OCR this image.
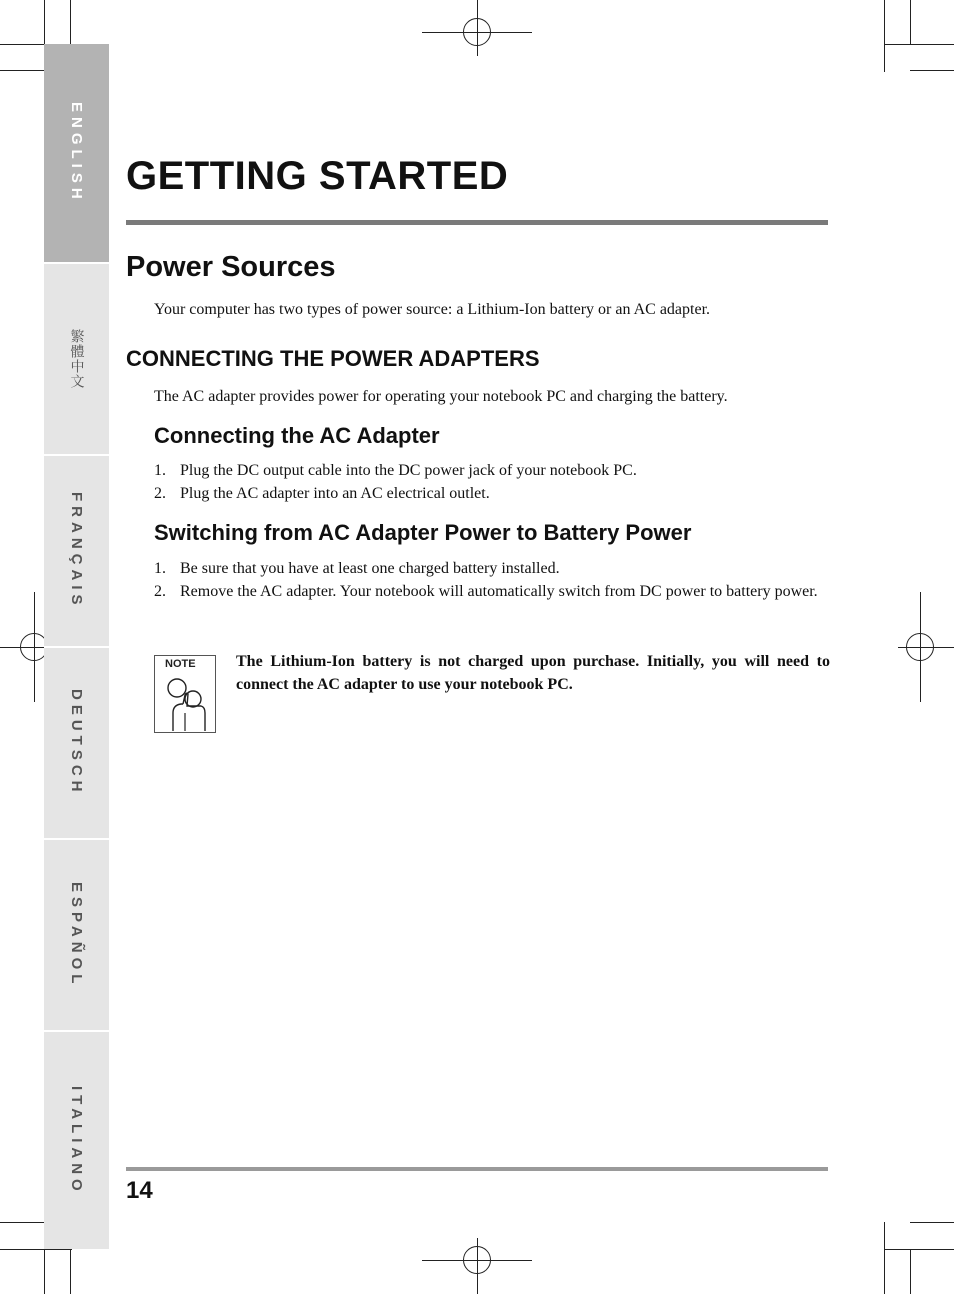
ENGLISH
繁體中文
FRANÇAIS
DEUTSCH
ESPAÑOL
ITALIANO
GETTING STARTED
Power Sources

Your computer has two types of power source: a Lithium-Ion battery or an AC adapter.

CONNECTING THE POWER ADAPTERS

The AC adapter provides power for operating your notebook PC and charging the battery.

Connecting the AC Adapter
1. Plug the DC output cable into the DC power jack of your notebook PC.
2. Plug the AC adapter into an AC electrical outlet.
Switching from AC Adapter Power to Battery Power
1. Be sure that you have at least one charged battery installed.
2. Remove the AC adapter. Your notebook will automatically switch from DC power to battery power.
NOTE	The Lithium-Ion battery is not charged upon purchase. Initially, you will need to connect the AC adapter to use your notebook PC.

14
